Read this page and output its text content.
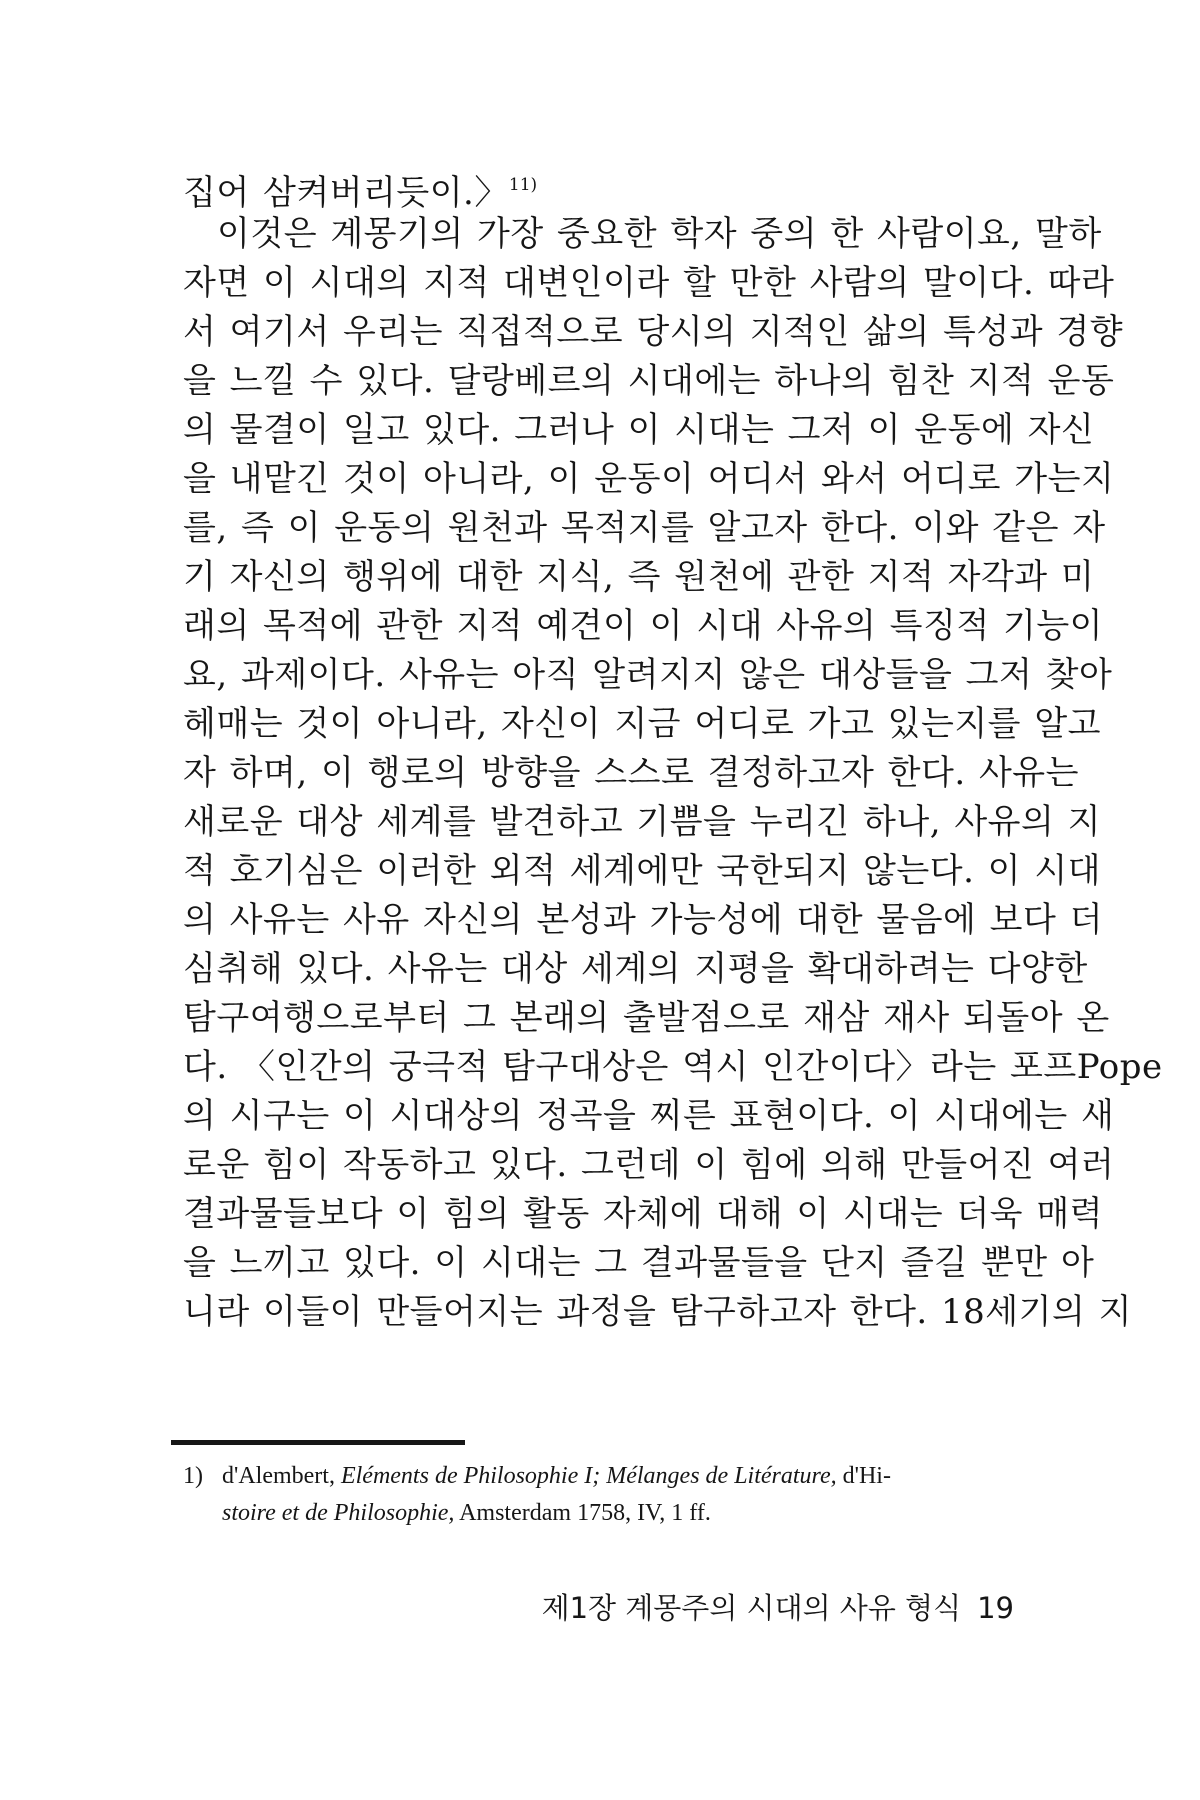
집어 삼켜버리듯이.〉$^{11)}$
이것은 계몽기의 가장 중요한 학자 중의 한 사람이요, 말하
자면 이 시대의 지적 대변인이라 할 만한 사람의 말이다. 따라
서 여기서 우리는 직접적으로 당시의 지적인 삶의 특성과 경향
을 느낄 수 있다. 달랑베르의 시대에는 하나의 힘찬 지적 운동
의 물결이 일고 있다. 그러나 이 시대는 그저 이 운동에 자신
을 내맡긴 것이 아니라, 이 운동이 어디서 와서 어디로 가는지
를, 즉 이 운동의 원천과 목적지를 알고자 한다. 이와 같은 자
기 자신의 행위에 대한 지식, 즉 원천에 관한 지적 자각과 미
래의 목적에 관한 지적 예견이 이 시대 사유의 특징적 기능이
요, 과제이다. 사유는 아직 알려지지 않은 대상들을 그저 찾아
헤매는 것이 아니라, 자신이 지금 어디로 가고 있는지를 알고
자 하며, 이 행로의 방향을 스스로 결정하고자 한다. 사유는
새로운 대상 세계를 발견하고 기쁨을 누리긴 하나, 사유의 지
적 호기심은 이러한 외적 세계에만 국한되지 않는다. 이 시대
의 사유는 사유 자신의 본성과 가능성에 대한 물음에 보다 더
심취해 있다. 사유는 대상 세계의 지평을 확대하려는 다양한
탐구여행으로부터 그 본래의 출발점으로 재삼 재사 되돌아 온
다. 〈인간의 궁극적 탐구대상은 역시 인간이다〉라는 포프Pope
의 시구는 이 시대상의 정곡을 찌른 표현이다. 이 시대에는 새
로운 힘이 작동하고 있다. 그런데 이 힘에 의해 만들어진 여러
결과물들보다 이 힘의 활동 자체에 대해 이 시대는 더욱 매력
을 느끼고 있다. 이 시대는 그 결과물들을 단지 즐길 뿐만 아
니라 이들이 만들어지는 과정을 탐구하고자 한다. 18세기의 지
1) d'Alembert, Eléments de Philosophie I; Mélanges de Litérature, d'Hi-
stoire et de Philosophie, Amsterdam 1758, IV, 1 ff.
제1장 계몽주의 시대의 사유 형식 19
